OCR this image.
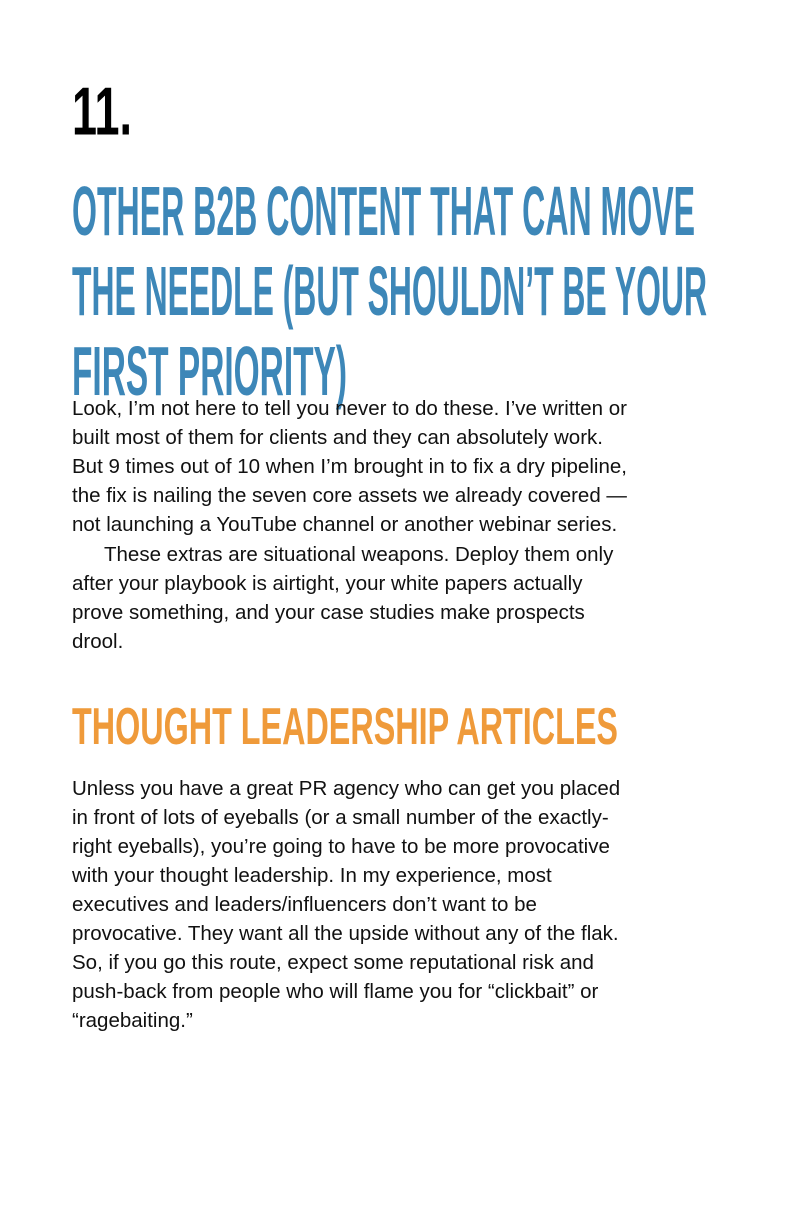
11.
OTHER B2B CONTENT THAT CAN MOVE
THE NEEDLE (BUT SHOULDN’T BE YOUR
FIRST PRIORITY)
Look, I’m not here to tell you never to do these. I’ve written or
built most of them for clients and they can absolutely work.
But 9 times out of 10 when I’m brought in to fix a dry pipeline,
the fix is nailing the seven core assets we already covered —
not launching a YouTube channel or another webinar series.
These extras are situational weapons. Deploy them only
after your playbook is airtight, your white papers actually
prove something, and your case studies make prospects
drool.
THOUGHT LEADERSHIP ARTICLES
Unless you have a great PR agency who can get you placed
in front of lots of eyeballs (or a small number of the exactly-
right eyeballs), you’re going to have to be more provocative
with your thought leadership. In my experience, most
executives and leaders/influencers don’t want to be
provocative. They want all the upside without any of the flak.
So, if you go this route, expect some reputational risk and
push-back from people who will flame you for “clickbait” or
“ragebaiting.”
